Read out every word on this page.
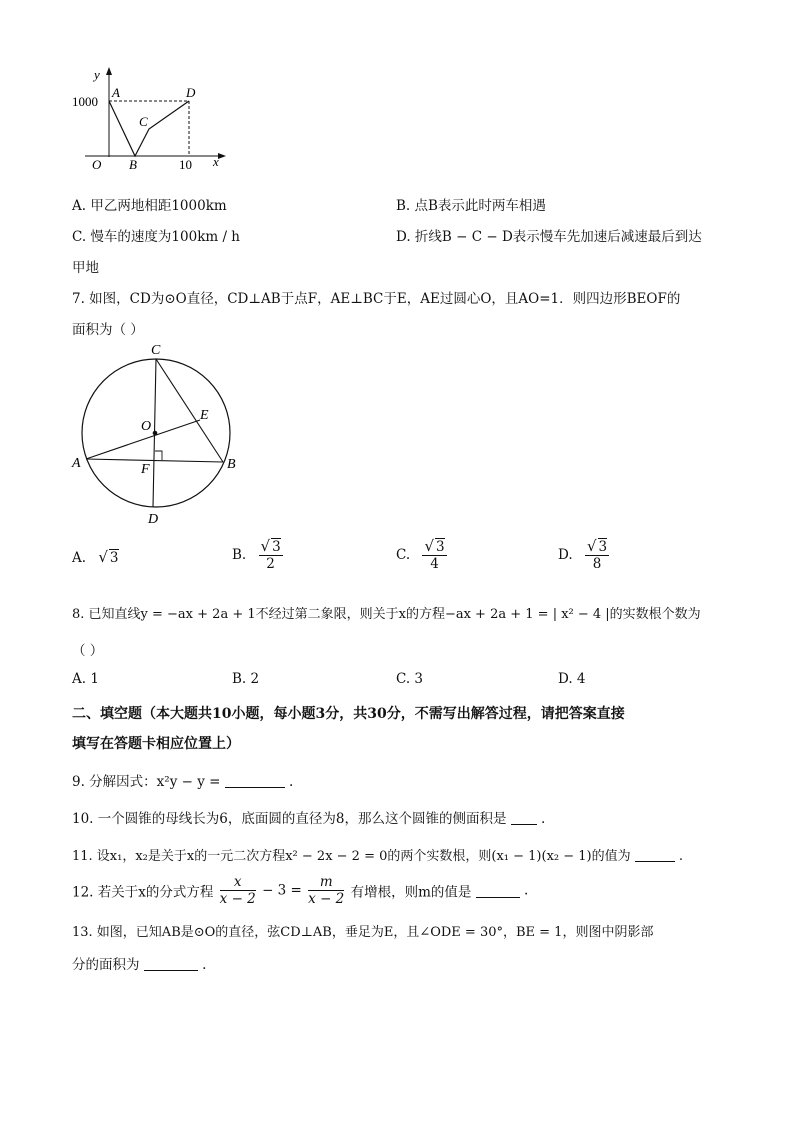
y
1000
A	D
C
O B	10 x
A. 甲乙两地相距1000km	B. 点B表示此时两车相遇
C. 慢车的速度为100km / h	D. 折线B − C − D表示慢车先加速后减速最后到达
甲地
7. 如图，CD为⊙O直径，CD⊥AB于点F，AE⊥BC于E，AE过圆心O，且AO=1．则四边形BEOF的
面积为（ ）
C
O
E
A	B
F
D
A. √ 3	B. $\frac{√ 3}{2}$	C. $\frac{√ 3}{4}$	D. $\frac{√ 3}{8}$
8. 已知直线y = −ax + 2a + 1不经过第二象限，则关于x的方程−ax + 2a + 1 = | x² − 4 |的实数根个数为
（ ）
A. 1	B. 2	C. 3	D. 4
二、填空题（本大题共10小题，每小题3分，共30分，不需写出解答过程，请把答案直接
填写在答题卡相应位置上）
9. 分解因式：x²y − y =	.
10. 一个圆锥的母线长为6，底面圆的直径为8，那么这个圆锥的侧面积是	.
11. 设x₁，x₂是关于x的一元二次方程x² − 2x − 2 = 0的两个实数根，则(x₁ − 1)(x₂ − 1)的值为	.
12. 若关于x的分式方程 $\frac{x}{x - 2} - 3 = \frac{m}{x - 2}$ 有增根，则m的值是	.
13. 如图，已知AB是⊙O的直径，弦CD⊥AB，垂足为E，且∠ODE = 30°，BE = 1，则图中阴影部
分的面积为	.
